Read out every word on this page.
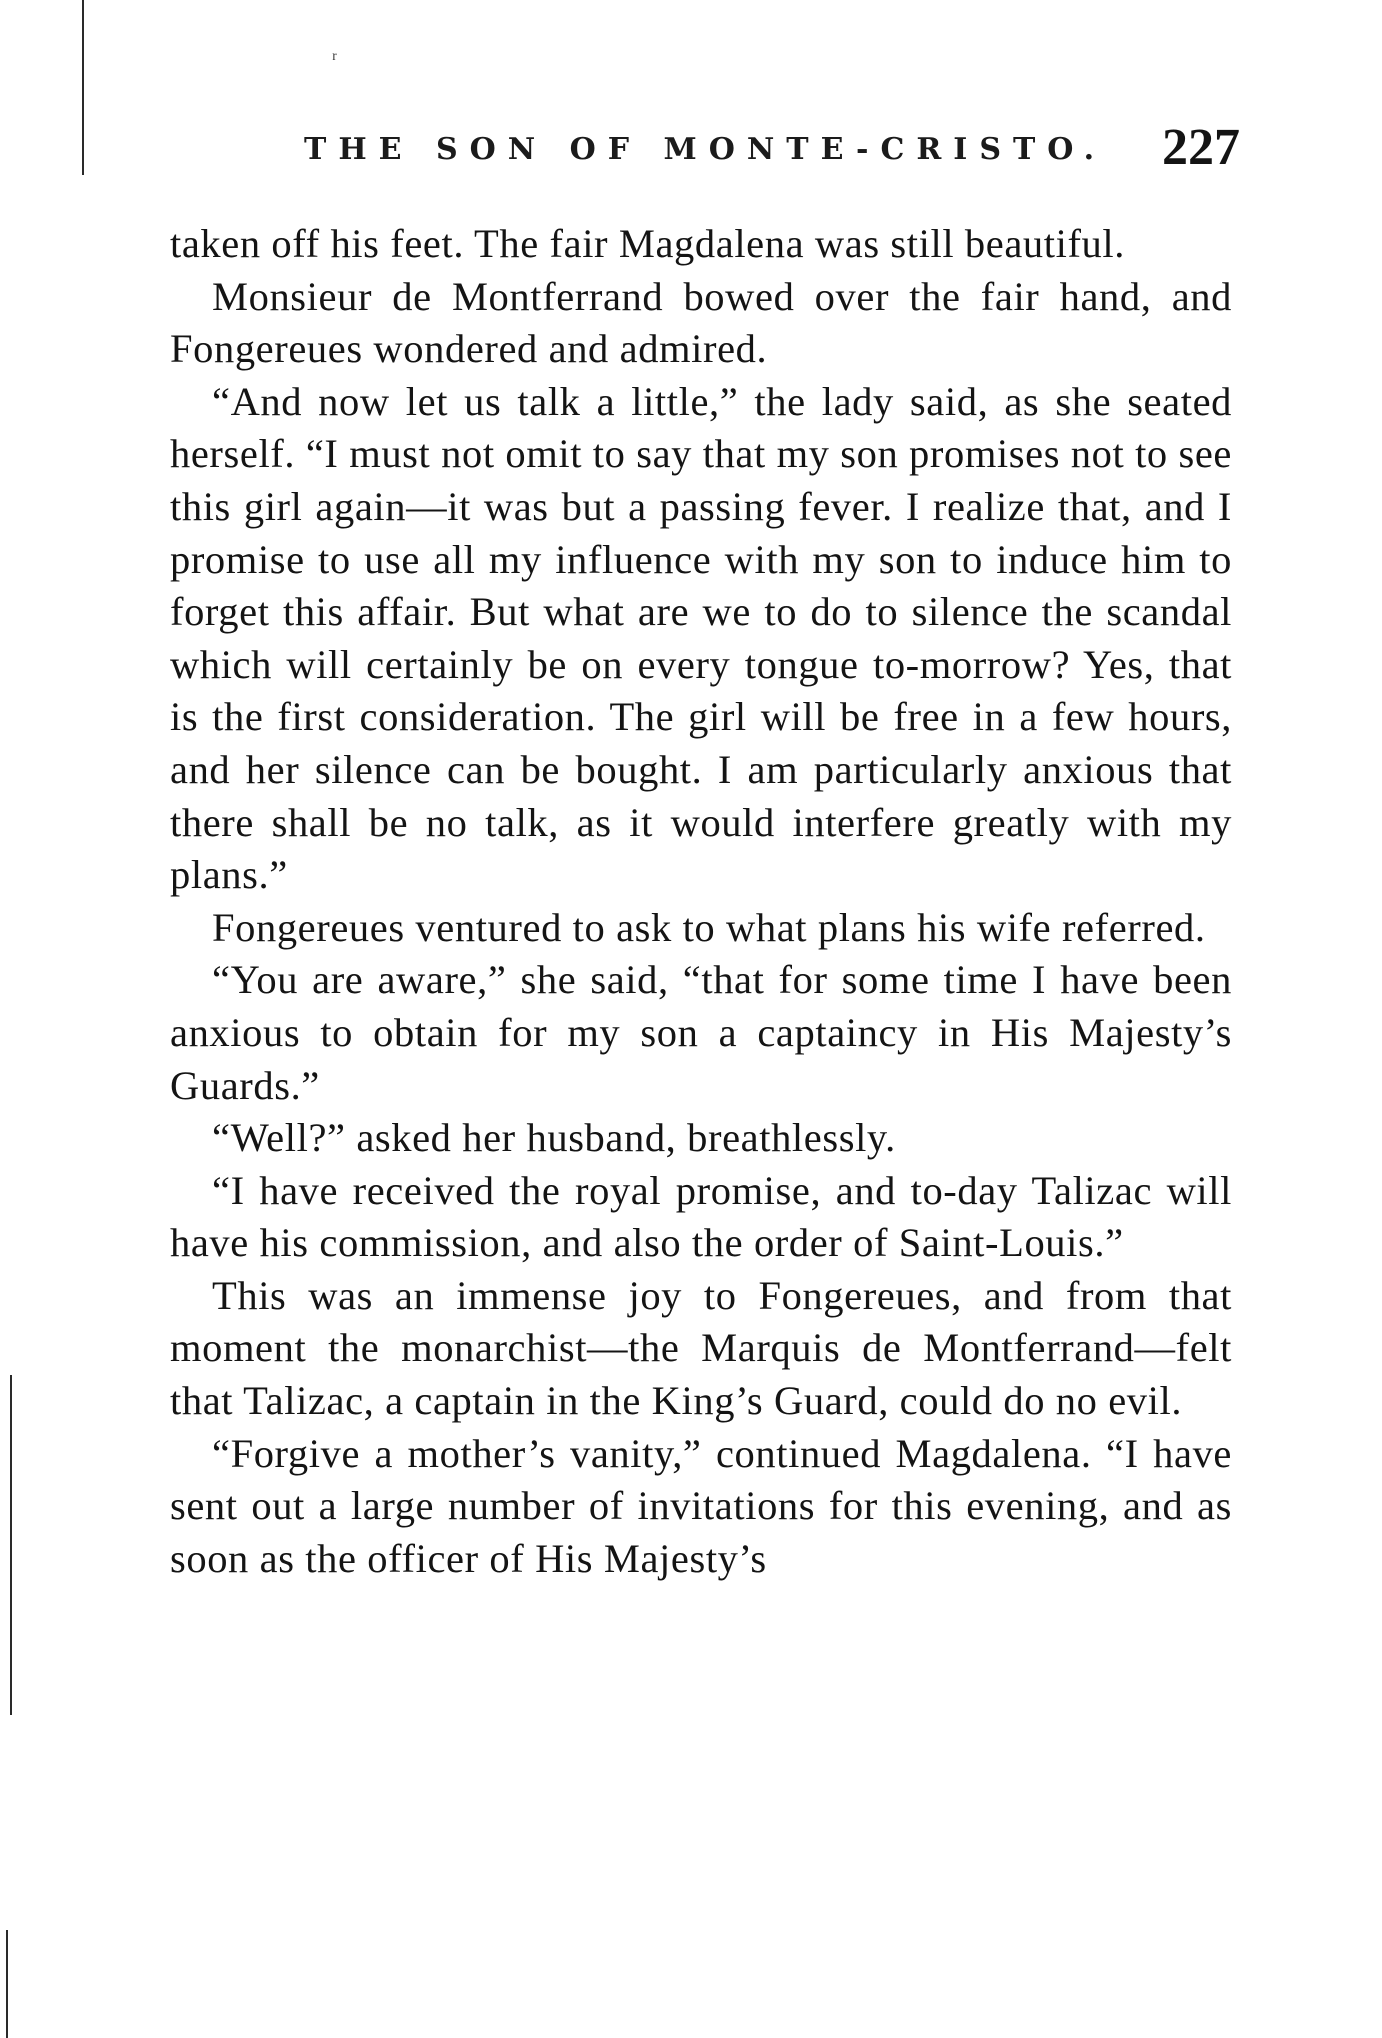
ʳ
THE SON OF MONTE-CRISTO. 227

taken off his feet. The fair Magdalena was still beautiful.

Monsieur de Montferrand bowed over the fair hand, and Fongereues wondered and admired.

“And now let us talk a little,” the lady said, as she seated herself. “I must not omit to say that my son promises not to see this girl again—it was but a passing fever. I realize that, and I promise to use all my influence with my son to induce him to forget this affair. But what are we to do to silence the scandal which will certainly be on every tongue to-morrow? Yes, that is the first consideration. The girl will be free in a few hours, and her silence can be bought. I am particularly anxious that there shall be no talk, as it would interfere greatly with my plans.”

Fongereues ventured to ask to what plans his wife referred.

“You are aware,” she said, “that for some time I have been anxious to obtain for my son a captaincy in His Majesty’s Guards.”

“Well?” asked her husband, breathlessly.

“I have received the royal promise, and to-day Talizac will have his commission, and also the order of Saint-Louis.”

This was an immense joy to Fongereues, and from that moment the monarchist—the Marquis de Montferrand—felt that Talizac, a captain in the King’s Guard, could do no evil.

“Forgive a mother’s vanity,” continued Magdalena. “I have sent out a large number of invitations for this evening, and as soon as the officer of His Majesty’s
